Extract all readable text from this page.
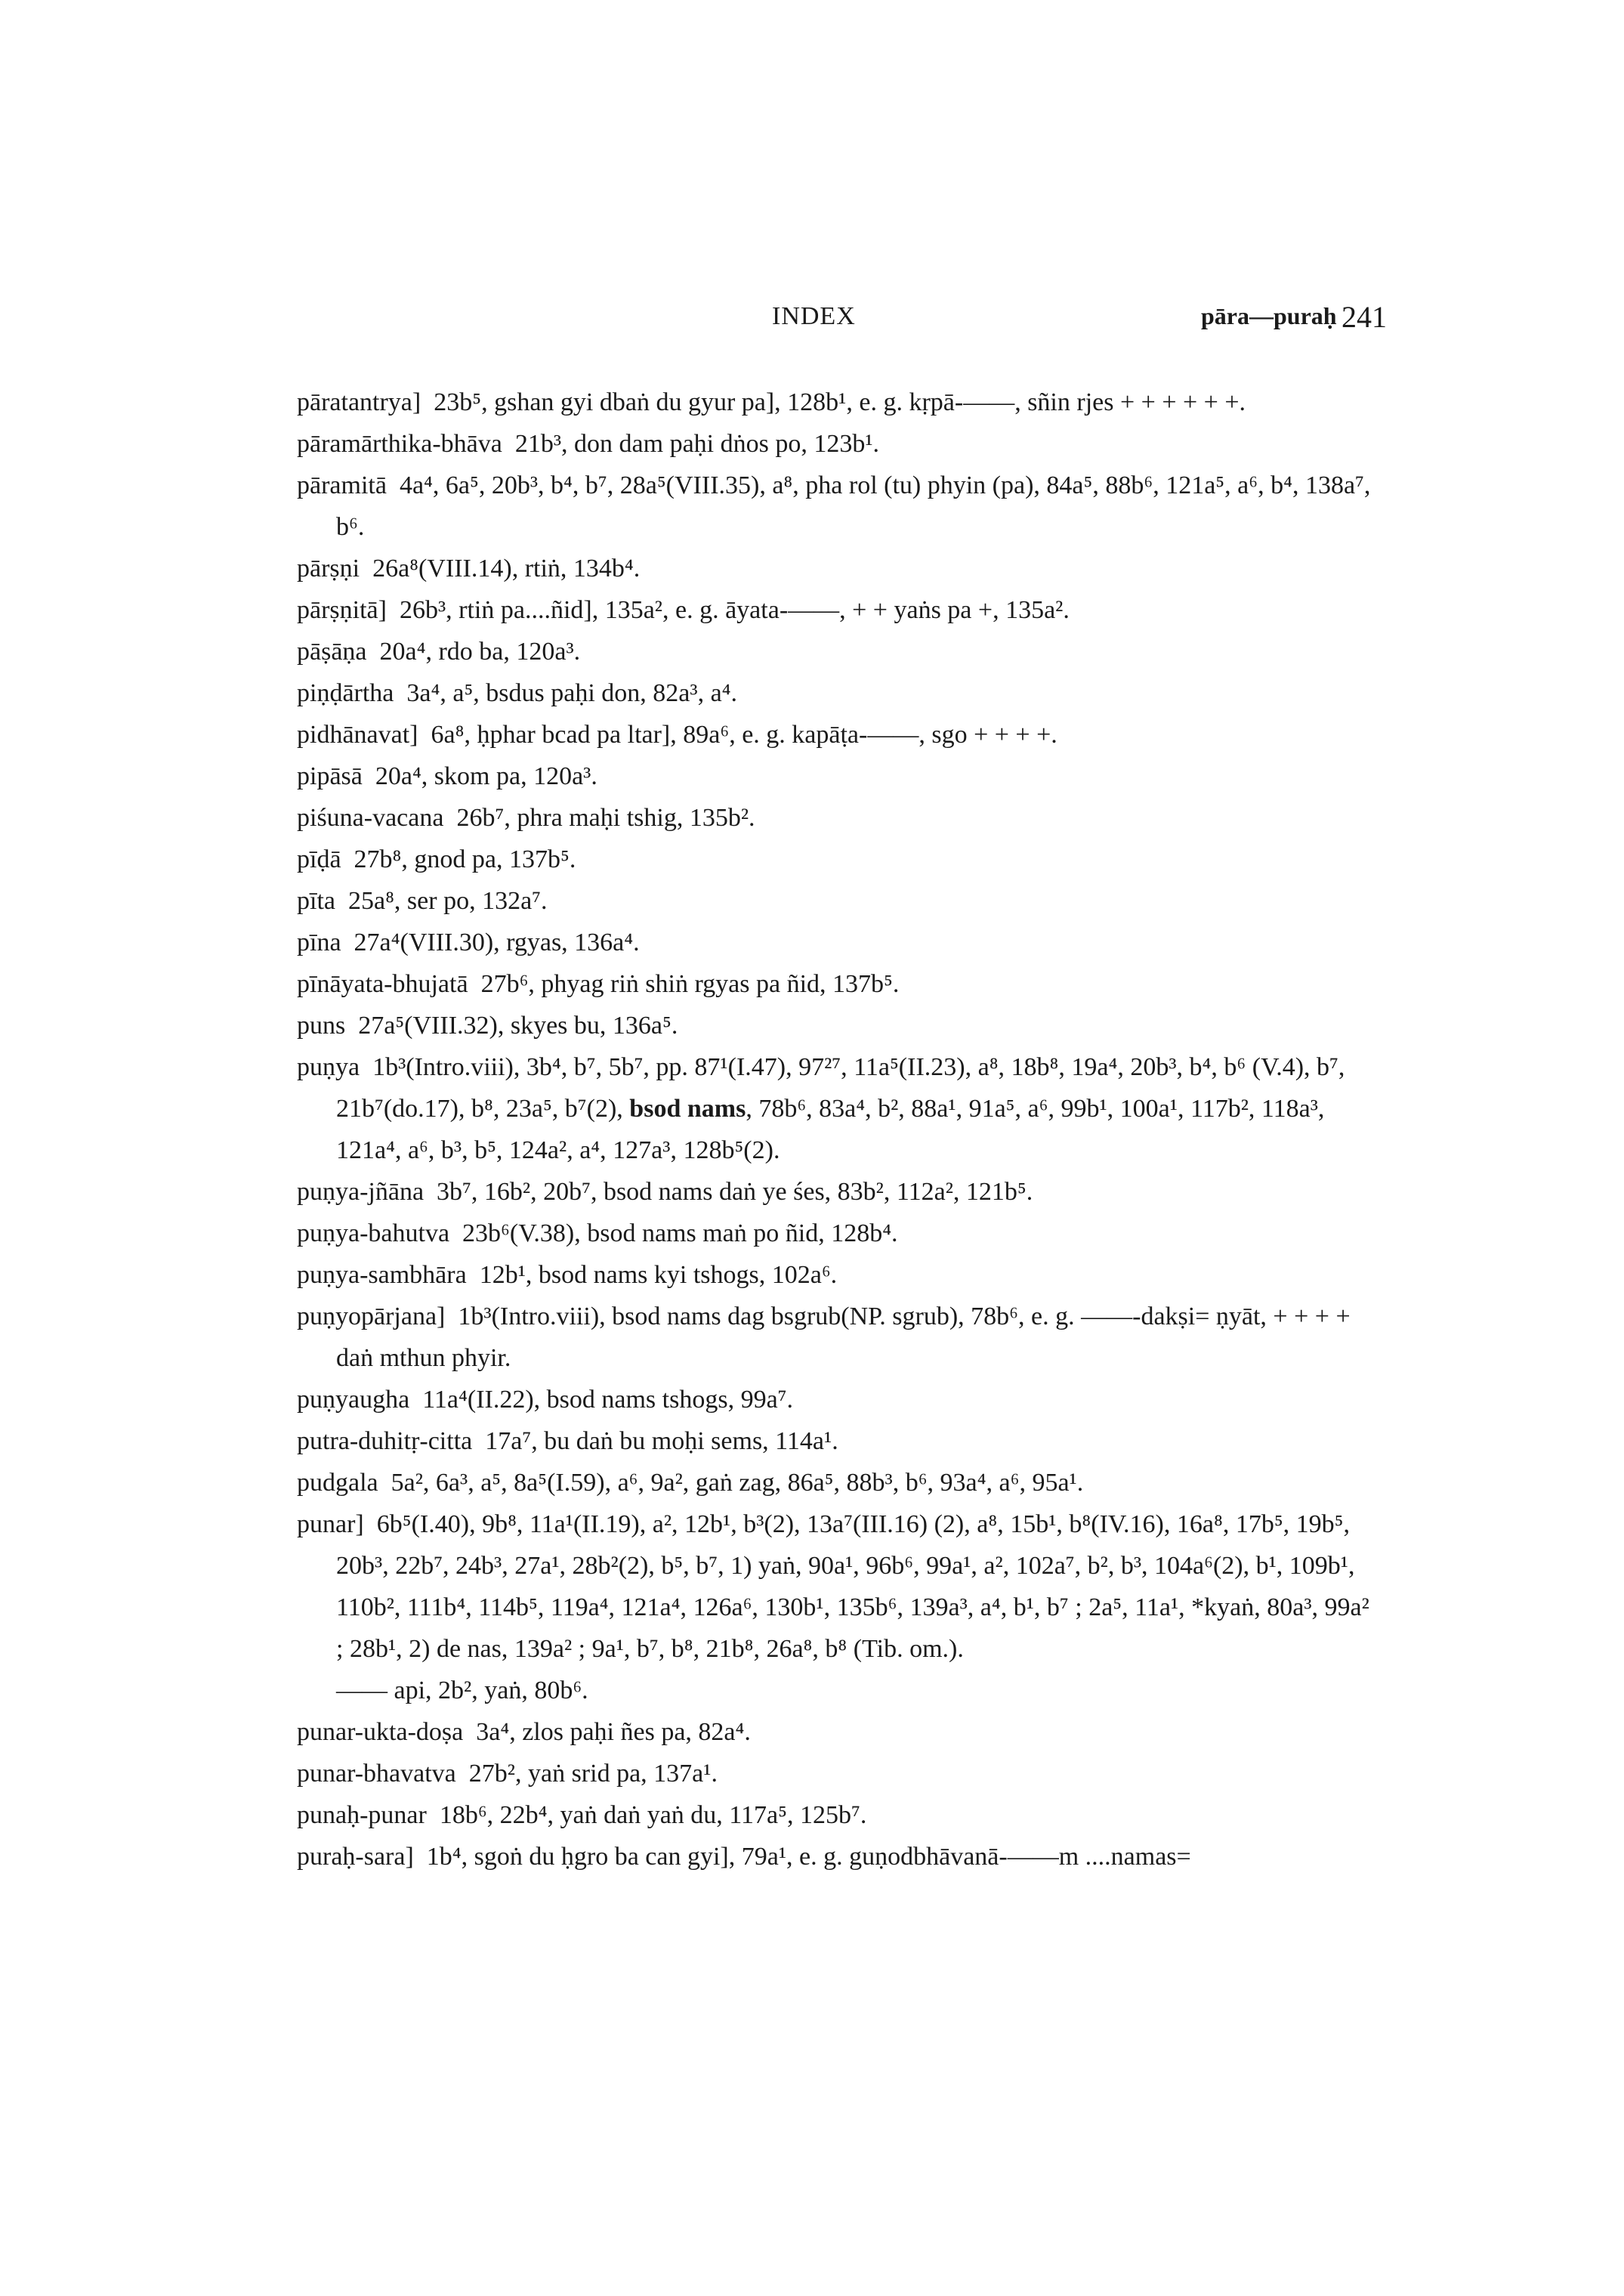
INDEX	pāra—puraḥ 241

pāratantrya] 23b⁵, gshan gyi dbaṅ du gyur pa], 128b¹, e. g. kṛpā-——, sñin rjes + + + + + +.

pāramārthika-bhāva 21b³, don dam paḥi dṅos po, 123b¹.

pāramitā 4a⁴, 6a⁵, 20b³, b⁴, b⁷, 28a⁵(VIII.35), a⁸, pha rol (tu) phyin (pa), 84a⁵, 88b⁶, 121a⁵, a⁶, b⁴, 138a⁷, b⁶.

pārṣṇi 26a⁸(VIII.14), rtiṅ, 134b⁴.

pārṣṇitā] 26b³, rtiṅ pa....ñid], 135a², e. g. āyata-——, + + yaṅs pa +, 135a².

pāṣāṇa 20a⁴, rdo ba, 120a³.

piṇḍārtha 3a⁴, a⁵, bsdus paḥi don, 82a³, a⁴.

pidhānavat] 6a⁸, ḥphar bcad pa ltar], 89a⁶, e. g. kapāṭa-——, sgo + + + +.

pipāsā 20a⁴, skom pa, 120a³.

piśuna-vacana 26b⁷, phra maḥi tshig, 135b².

pīḍā 27b⁸, gnod pa, 137b⁵.

pīta 25a⁸, ser po, 132a⁷.

pīna 27a⁴(VIII.30), rgyas, 136a⁴.

pīnāyata-bhujatā 27b⁶, phyag riṅ shiṅ rgyas pa ñid, 137b⁵.

puns 27a⁵(VIII.32), skyes bu, 136a⁵.

puṇya 1b³(Intro.viii), 3b⁴, b⁷, 5b⁷, pp. 87¹(I.47), 97²⁷, 11a⁵(II.23), a⁸, 18b⁸, 19a⁴, 20b³, b⁴, b⁶ (V.4), b⁷, 21b⁷(do.17), b⁸, 23a⁵, b⁷(2), bsod nams, 78b⁶, 83a⁴, b², 88a¹, 91a⁵, a⁶, 99b¹, 100a¹, 117b², 118a³, 121a⁴, a⁶, b³, b⁵, 124a², a⁴, 127a³, 128b⁵(2).

puṇya-jñāna 3b⁷, 16b², 20b⁷, bsod nams daṅ ye śes, 83b², 112a², 121b⁵.

puṇya-bahutva 23b⁶(V.38), bsod nams maṅ po ñid, 128b⁴.

puṇya-sambhāra 12b¹, bsod nams kyi tshogs, 102a⁶.

puṇyopārjana] 1b³(Intro.viii), bsod nams dag bsgrub(NP. sgrub), 78b⁶, e. g. ——-dakṣi= ṇyāt, + + + + daṅ mthun phyir.

puṇyaugha 11a⁴(II.22), bsod nams tshogs, 99a⁷.

putra-duhitṛ-citta 17a⁷, bu daṅ bu moḥi sems, 114a¹.

pudgala 5a², 6a³, a⁵, 8a⁵(I.59), a⁶, 9a², gaṅ zag, 86a⁵, 88b³, b⁶, 93a⁴, a⁶, 95a¹.

punar] 6b⁵(I.40), 9b⁸, 11a¹(II.19), a², 12b¹, b³(2), 13a⁷(III.16) (2), a⁸, 15b¹, b⁸(IV.16), 16a⁸, 17b⁵, 19b⁵, 20b³, 22b⁷, 24b³, 27a¹, 28b²(2), b⁵, b⁷, 1) yaṅ, 90a¹, 96b⁶, 99a¹, a², 102a⁷, b², b³, 104a⁶(2), b¹, 109b¹, 110b², 111b⁴, 114b⁵, 119a⁴, 121a⁴, 126a⁶, 130b¹, 135b⁶, 139a³, a⁴, b¹, b⁷ ; 2a⁵, 11a¹, *kyaṅ, 80a³, 99a² ; 28b¹, 2) de nas, 139a² ; 9a¹, b⁷, b⁸, 21b⁸, 26a⁸, b⁸ (Tib. om.).

—— api, 2b², yaṅ, 80b⁶.

punar-ukta-doṣa 3a⁴, zlos paḥi ñes pa, 82a⁴.

punar-bhavatva 27b², yaṅ srid pa, 137a¹.

punaḥ-punar 18b⁶, 22b⁴, yaṅ daṅ yaṅ du, 117a⁵, 125b⁷.

puraḥ-sara] 1b⁴, sgoṅ du ḥgro ba can gyi], 79a¹, e. g. guṇodbhāvanā-——m ....namas=
